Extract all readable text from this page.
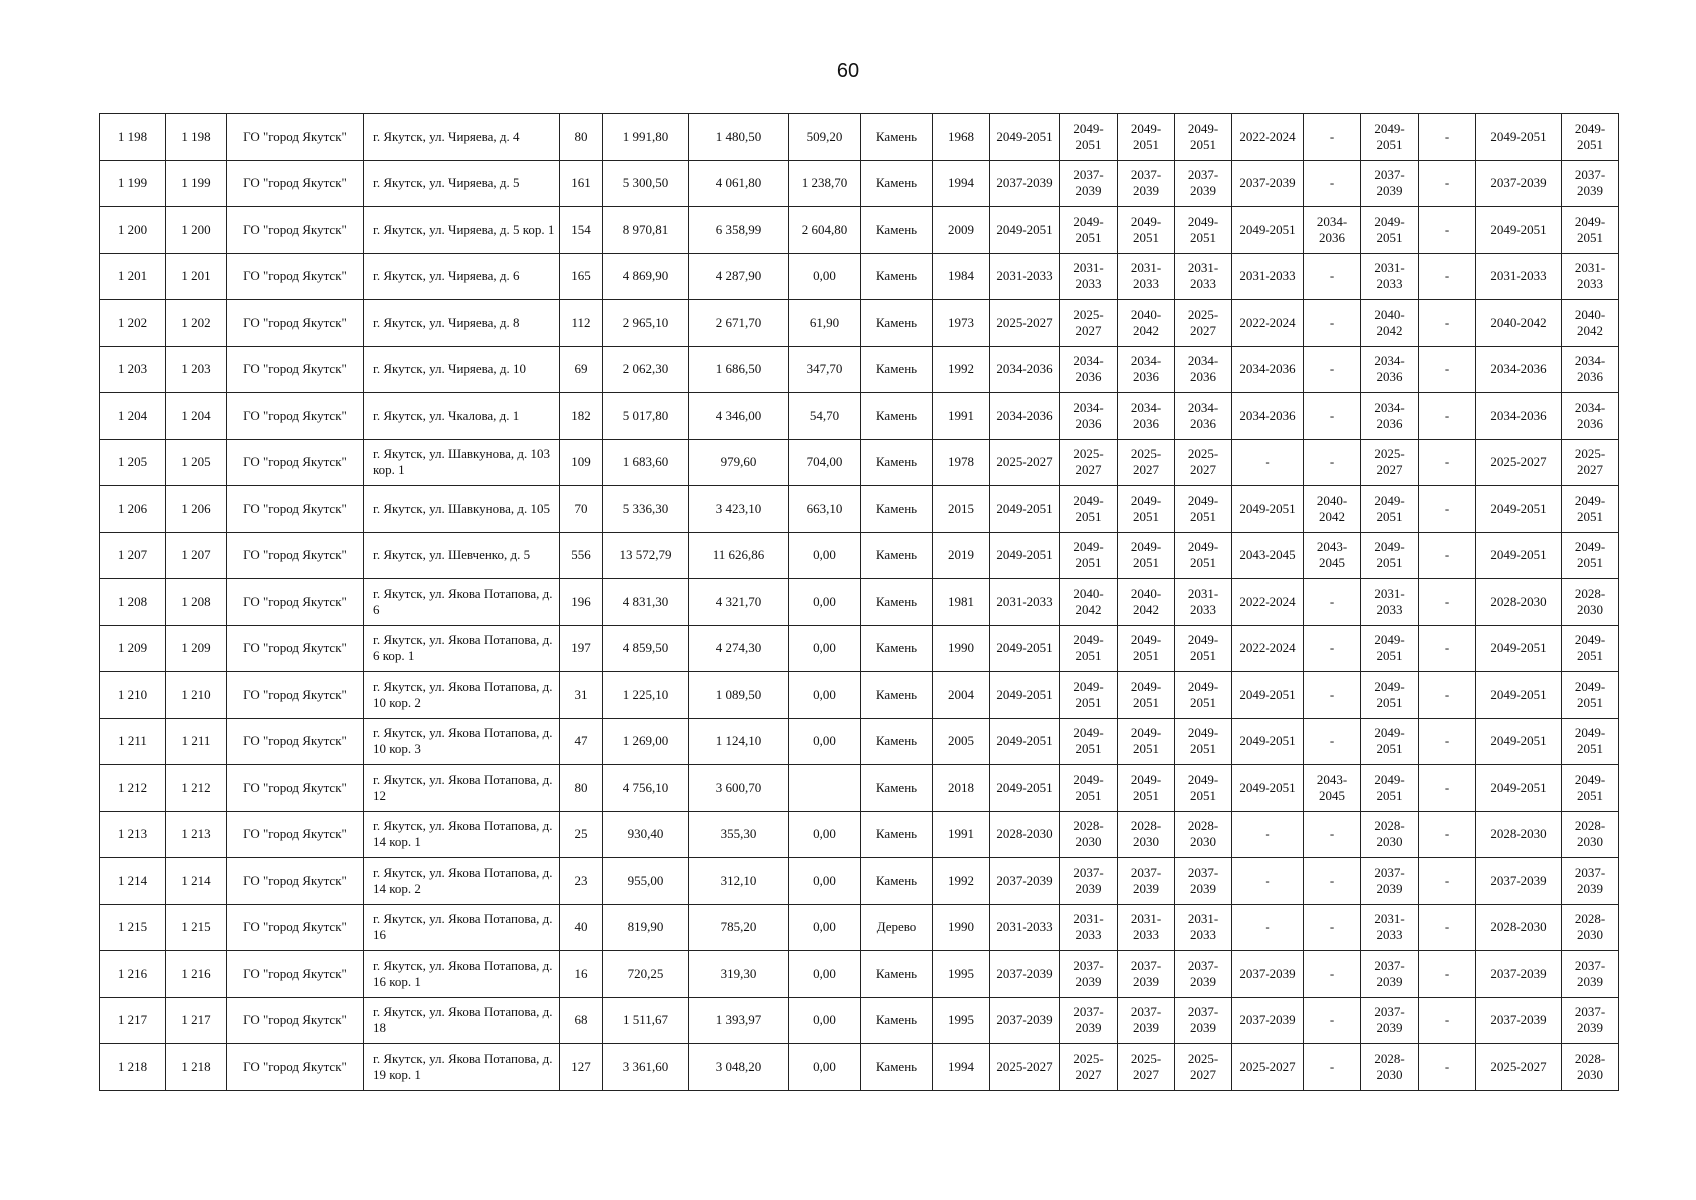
60
1 198	1 198	ГО "город Якутск"	г. Якутск, ул. Чиряева, д. 4	80	1 991,80	1 480,50	509,20	Камень	1968	2049-2051	2049-2051	2049-2051	2049-2051	2022-2024	-	2049-2051	-	2049-2051	2049-2051
1 199	1 199	ГО "город Якутск"	г. Якутск, ул. Чиряева, д. 5	161	5 300,50	4 061,80	1 238,70	Камень	1994	2037-2039	2037-2039	2037-2039	2037-2039	2037-2039	-	2037-2039	-	2037-2039	2037-2039
1 200	1 200	ГО "город Якутск"	г. Якутск, ул. Чиряева, д. 5 кор. 1	154	8 970,81	6 358,99	2 604,80	Камень	2009	2049-2051	2049-2051	2049-2051	2049-2051	2049-2051	2034-2036	2049-2051	-	2049-2051	2049-2051
1 201	1 201	ГО "город Якутск"	г. Якутск, ул. Чиряева, д. 6	165	4 869,90	4 287,90	0,00	Камень	1984	2031-2033	2031-2033	2031-2033	2031-2033	2031-2033	-	2031-2033	-	2031-2033	2031-2033
1 202	1 202	ГО "город Якутск"	г. Якутск, ул. Чиряева, д. 8	112	2 965,10	2 671,70	61,90	Камень	1973	2025-2027	2025-2027	2040-2042	2025-2027	2022-2024	-	2040-2042	-	2040-2042	2040-2042
1 203	1 203	ГО "город Якутск"	г. Якутск, ул. Чиряева, д. 10	69	2 062,30	1 686,50	347,70	Камень	1992	2034-2036	2034-2036	2034-2036	2034-2036	2034-2036	-	2034-2036	-	2034-2036	2034-2036
1 204	1 204	ГО "город Якутск"	г. Якутск, ул. Чкалова, д. 1	182	5 017,80	4 346,00	54,70	Камень	1991	2034-2036	2034-2036	2034-2036	2034-2036	2034-2036	-	2034-2036	-	2034-2036	2034-2036
1 205	1 205	ГО "город Якутск"	г. Якутск, ул. Шавкунова, д. 103 кор. 1	109	1 683,60	979,60	704,00	Камень	1978	2025-2027	2025-2027	2025-2027	2025-2027	-	-	2025-2027	-	2025-2027	2025-2027
1 206	1 206	ГО "город Якутск"	г. Якутск, ул. Шавкунова, д. 105	70	5 336,30	3 423,10	663,10	Камень	2015	2049-2051	2049-2051	2049-2051	2049-2051	2049-2051	2040-2042	2049-2051	-	2049-2051	2049-2051
1 207	1 207	ГО "город Якутск"	г. Якутск, ул. Шевченко, д. 5	556	13 572,79	11 626,86	0,00	Камень	2019	2049-2051	2049-2051	2049-2051	2049-2051	2043-2045	2043-2045	2049-2051	-	2049-2051	2049-2051
1 208	1 208	ГО "город Якутск"	г. Якутск, ул. Якова Потапова, д. 6	196	4 831,30	4 321,70	0,00	Камень	1981	2031-2033	2040-2042	2040-2042	2031-2033	2022-2024	-	2031-2033	-	2028-2030	2028-2030
1 209	1 209	ГО "город Якутск"	г. Якутск, ул. Якова Потапова, д. 6 кор. 1	197	4 859,50	4 274,30	0,00	Камень	1990	2049-2051	2049-2051	2049-2051	2049-2051	2022-2024	-	2049-2051	-	2049-2051	2049-2051
1 210	1 210	ГО "город Якутск"	г. Якутск, ул. Якова Потапова, д. 10 кор. 2	31	1 225,10	1 089,50	0,00	Камень	2004	2049-2051	2049-2051	2049-2051	2049-2051	2049-2051	-	2049-2051	-	2049-2051	2049-2051
1 211	1 211	ГО "город Якутск"	г. Якутск, ул. Якова Потапова, д. 10 кор. 3	47	1 269,00	1 124,10	0,00	Камень	2005	2049-2051	2049-2051	2049-2051	2049-2051	2049-2051	-	2049-2051	-	2049-2051	2049-2051
1 212	1 212	ГО "город Якутск"	г. Якутск, ул. Якова Потапова, д. 12	80	4 756,10	3 600,70		Камень	2018	2049-2051	2049-2051	2049-2051	2049-2051	2049-2051	2043-2045	2049-2051	-	2049-2051	2049-2051
1 213	1 213	ГО "город Якутск"	г. Якутск, ул. Якова Потапова, д. 14 кор. 1	25	930,40	355,30	0,00	Камень	1991	2028-2030	2028-2030	2028-2030	2028-2030	-	-	2028-2030	-	2028-2030	2028-2030
1 214	1 214	ГО "город Якутск"	г. Якутск, ул. Якова Потапова, д. 14 кор. 2	23	955,00	312,10	0,00	Камень	1992	2037-2039	2037-2039	2037-2039	2037-2039	-	-	2037-2039	-	2037-2039	2037-2039
1 215	1 215	ГО "город Якутск"	г. Якутск, ул. Якова Потапова, д. 16	40	819,90	785,20	0,00	Дерево	1990	2031-2033	2031-2033	2031-2033	2031-2033	-	-	2031-2033	-	2028-2030	2028-2030
1 216	1 216	ГО "город Якутск"	г. Якутск, ул. Якова Потапова, д. 16 кор. 1	16	720,25	319,30	0,00	Камень	1995	2037-2039	2037-2039	2037-2039	2037-2039	2037-2039	-	2037-2039	-	2037-2039	2037-2039
1 217	1 217	ГО "город Якутск"	г. Якутск, ул. Якова Потапова, д. 18	68	1 511,67	1 393,97	0,00	Камень	1995	2037-2039	2037-2039	2037-2039	2037-2039	2037-2039	-	2037-2039	-	2037-2039	2037-2039
1 218	1 218	ГО "город Якутск"	г. Якутск, ул. Якова Потапова, д. 19 кор. 1	127	3 361,60	3 048,20	0,00	Камень	1994	2025-2027	2025-2027	2025-2027	2025-2027	2025-2027	-	2028-2030	-	2025-2027	2028-2030
